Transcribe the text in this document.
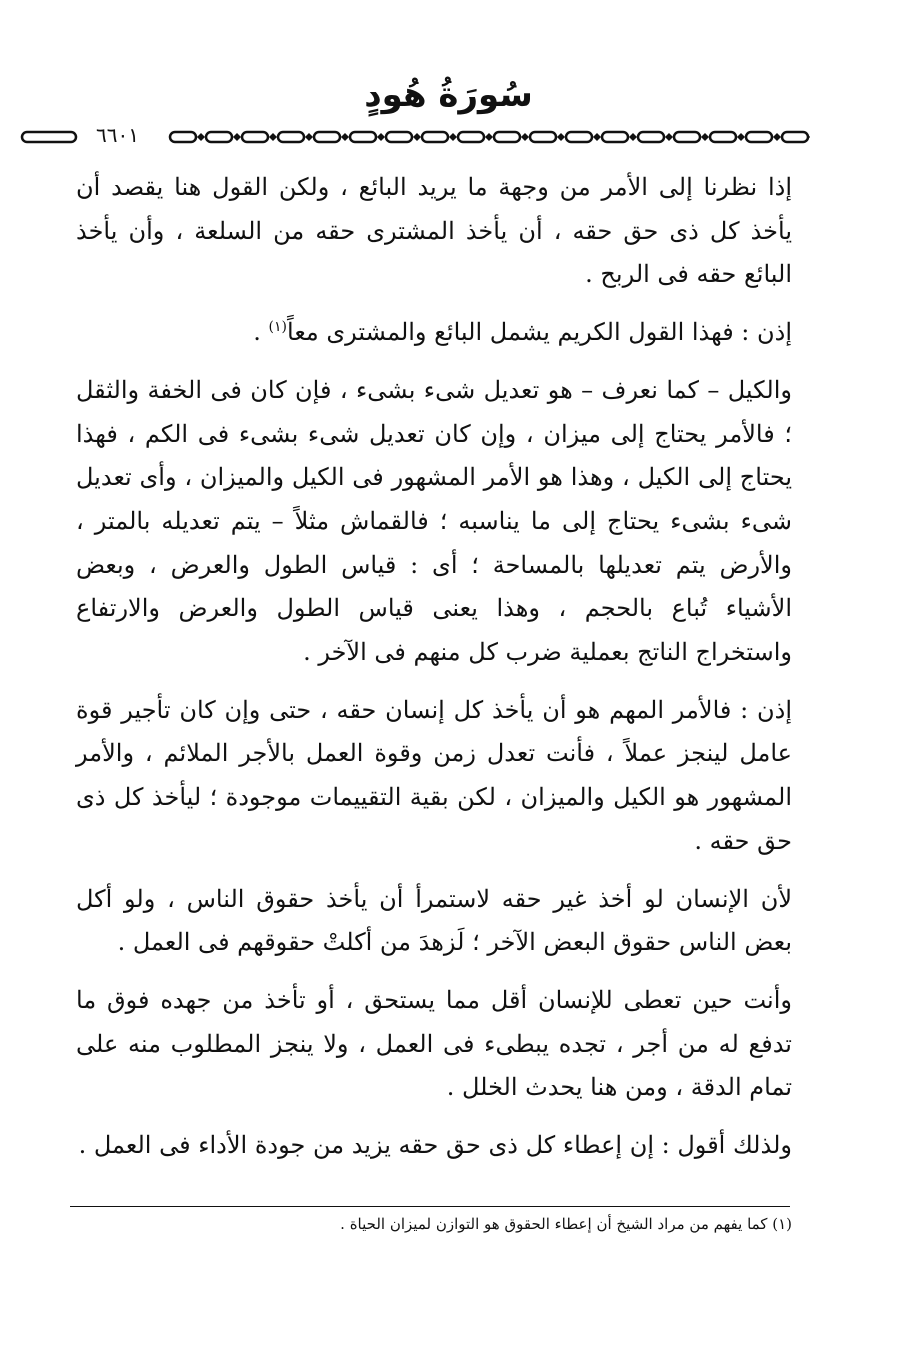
سُورَةُ هُودٍ
٦٦٠١

إذا نظرنا إلى الأمر من وجهة ما يريد البائع ، ولكن القول هنا يقصد أن يأخذ كل ذى حق حقه ، أن يأخذ المشترى حقه من السلعة ، وأن يأخذ البائع حقه فى الربح .

إذن : فهذا القول الكريم يشمل البائع والمشترى معاً$^{(١)}$ .

والكيل – كما نعرف – هو تعديل شىء بشىء ، فإن كان فى الخفة والثقل ؛ فالأمر يحتاج إلى ميزان ، وإن كان تعديل شىء بشىء فى الكم ، فهذا يحتاج إلى الكيل ، وهذا هو الأمر المشهور فى الكيل والميزان ، وأى تعديل شىء بشىء يحتاج إلى ما يناسبه ؛ فالقماش مثلاً – يتم تعديله بالمتر ، والأرض يتم تعديلها بالمساحة ؛ أى : قياس الطول والعرض ، وبعض الأشياء تُباع بالحجم ، وهذا يعنى قياس الطول والعرض والارتفاع واستخراج الناتج بعملية ضرب كل منهم فى الآخر .

إذن : فالأمر المهم هو أن يأخذ كل إنسان حقه ، حتى وإن كان تأجير قوة عامل لينجز عملاً ، فأنت تعدل زمن وقوة العمل بالأجر الملائم ، والأمر المشهور هو الكيل والميزان ، لكن بقية التقييمات موجودة ؛ ليأخذ كل ذى حق حقه .

لأن الإنسان لو أخذ غير حقه لاستمرأ أن يأخذ حقوق الناس ، ولو أكل بعض الناس حقوق البعض الآخر ؛ لَزهدَ من أكلتْ حقوقهم فى العمل .

وأنت حين تعطى للإنسان أقل مما يستحق ، أو تأخذ من جهده فوق ما تدفع له من أجر ، تجده يبطىء فى العمل ، ولا ينجز المطلوب منه على تمام الدقة ، ومن هنا يحدث الخلل .

ولذلك أقول : إن إعطاء كل ذى حق حقه يزيد من جودة الأداء فى العمل .

(١) كما يفهم من مراد الشيخ أن إعطاء الحقوق هو التوازن لميزان الحياة .
